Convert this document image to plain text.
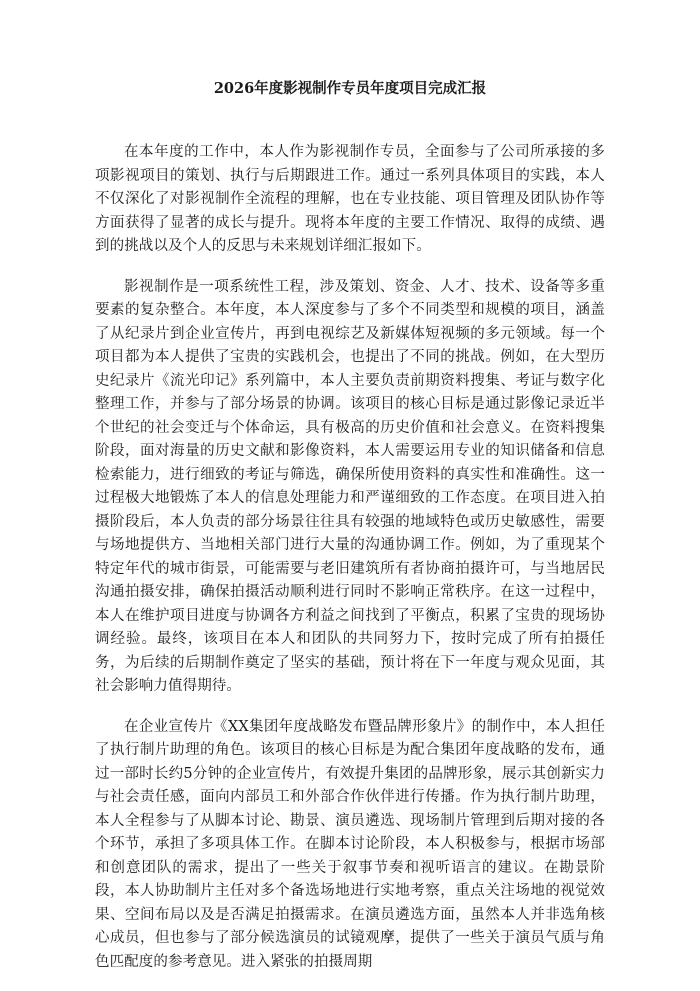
2026年度影视制作专员年度项目完成汇报

在本年度的工作中，本人作为影视制作专员，全面参与了公司所承接的多项影视项目的策划、执行与后期跟进工作。通过一系列具体项目的实践，本人不仅深化了对影视制作全流程的理解，也在专业技能、项目管理及团队协作等方面获得了显著的成长与提升。现将本年度的主要工作情况、取得的成绩、遇到的挑战以及个人的反思与未来规划详细汇报如下。

影视制作是一项系统性工程，涉及策划、资金、人才、技术、设备等多重要素的复杂整合。本年度，本人深度参与了多个不同类型和规模的项目，涵盖了从纪录片到企业宣传片，再到电视综艺及新媒体短视频的多元领域。每一个项目都为本人提供了宝贵的实践机会，也提出了不同的挑战。例如，在大型历史纪录片《流光印记》系列篇中，本人主要负责前期资料搜集、考证与数字化整理工作，并参与了部分场景的协调。该项目的核心目标是通过影像记录近半个世纪的社会变迁与个体命运，具有极高的历史价值和社会意义。在资料搜集阶段，面对海量的历史文献和影像资料，本人需要运用专业的知识储备和信息检索能力，进行细致的考证与筛选，确保所使用资料的真实性和准确性。这一过程极大地锻炼了本人的信息处理能力和严谨细致的工作态度。在项目进入拍摄阶段后，本人负责的部分场景往往具有较强的地域特色或历史敏感性，需要与场地提供方、当地相关部门进行大量的沟通协调工作。例如，为了重现某个特定年代的城市街景，可能需要与老旧建筑所有者协商拍摄许可，与当地居民沟通拍摄安排，确保拍摄活动顺利进行同时不影响正常秩序。在这一过程中，本人在维护项目进度与协调各方利益之间找到了平衡点，积累了宝贵的现场协调经验。最终，该项目在本人和团队的共同努力下，按时完成了所有拍摄任务，为后续的后期制作奠定了坚实的基础，预计将在下一年度与观众见面，其社会影响力值得期待。

在企业宣传片《XX集团年度战略发布暨品牌形象片》的制作中，本人担任了执行制片助理的角色。该项目的核心目标是为配合集团年度战略的发布，通过一部时长约5分钟的企业宣传片，有效提升集团的品牌形象，展示其创新实力与社会责任感，面向内部员工和外部合作伙伴进行传播。作为执行制片助理，本人全程参与了从脚本讨论、勘景、演员遴选、现场制片管理到后期对接的各个环节，承担了多项具体工作。在脚本讨论阶段，本人积极参与，根据市场部和创意团队的需求，提出了一些关于叙事节奏和视听语言的建议。在勘景阶段，本人协助制片主任对多个备选场地进行实地考察，重点关注场地的视觉效果、空间布局以及是否满足拍摄需求。在演员遴选方面，虽然本人并非选角核心成员，但也参与了部分候选演员的试镜观摩，提供了一些关于演员气质与角色匹配度的参考意见。进入紧张的拍摄周期
